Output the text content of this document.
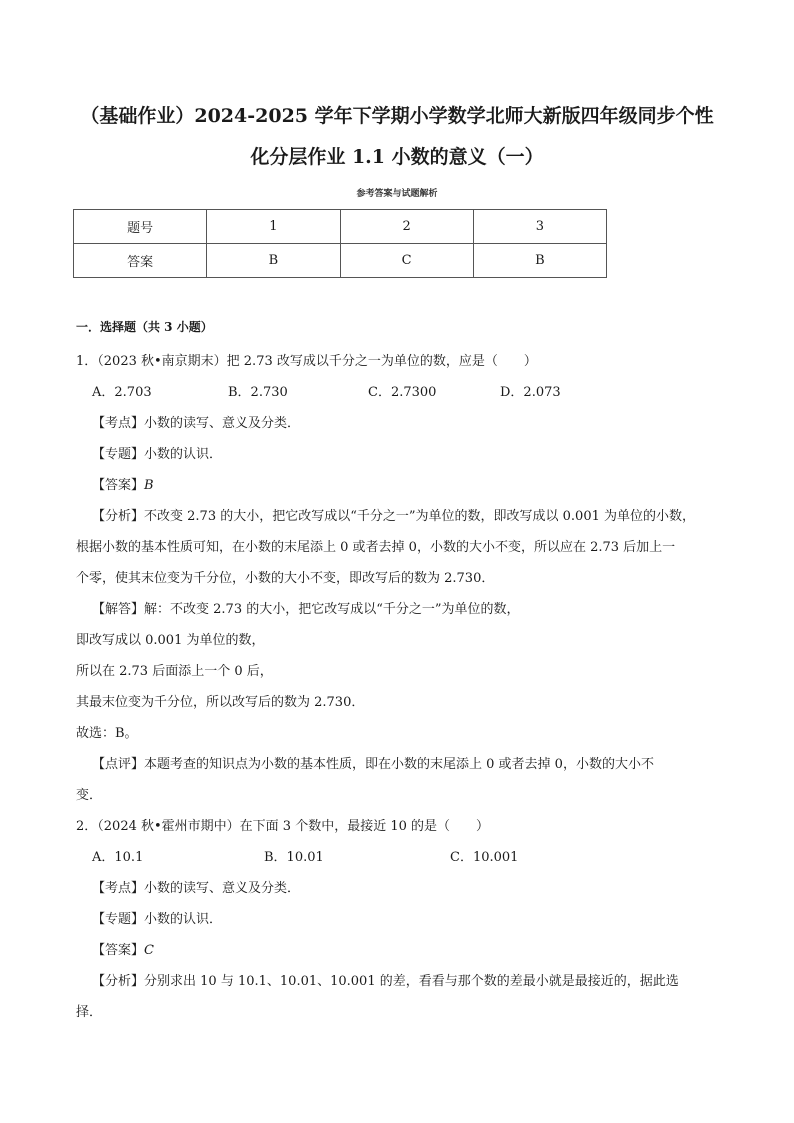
（基础作业）2024-2025 学年下学期小学数学北师大新版四年级同步个性
化分层作业 1.1 小数的意义（一）
参考答案与试题解析
题号	1	2	3
答案	B	C	B
一．选择题（共 3 小题）
1．（2023 秋•南京期末）把 2.73 改写成以千分之一为单位的数，应是（　　）
A．2.703	B．2.730	C．2.7300	D．2.073
【考点】小数的读写、意义及分类．
【专题】小数的认识．
【答案】B
【分析】不改变 2.73 的大小，把它改写成以“千分之一”为单位的数，即改写成以 0.001 为单位的小数，
根据小数的基本性质可知，在小数的末尾添上 0 或者去掉 0，小数的大小不变，所以应在 2.73 后加上一
个零，使其末位变为千分位，小数的大小不变，即改写后的数为 2.730．
【解答】解：不改变 2.73 的大小，把它改写成以“千分之一”为单位的数，
即改写成以 0.001 为单位的数，
所以在 2.73 后面添上一个 0 后，
其最末位变为千分位，所以改写后的数为 2.730．
故选：B。
【点评】本题考查的知识点为小数的基本性质，即在小数的末尾添上 0 或者去掉 0，小数的大小不
变．
2．（2024 秋•霍州市期中）在下面 3 个数中，最接近 10 的是（　　）
A．10.1	B．10.01	C．10.001
【考点】小数的读写、意义及分类．
【专题】小数的认识．
【答案】C
【分析】分别求出 10 与 10.1、10.01、10.001 的差，看看与那个数的差最小就是最接近的，据此选
择．
